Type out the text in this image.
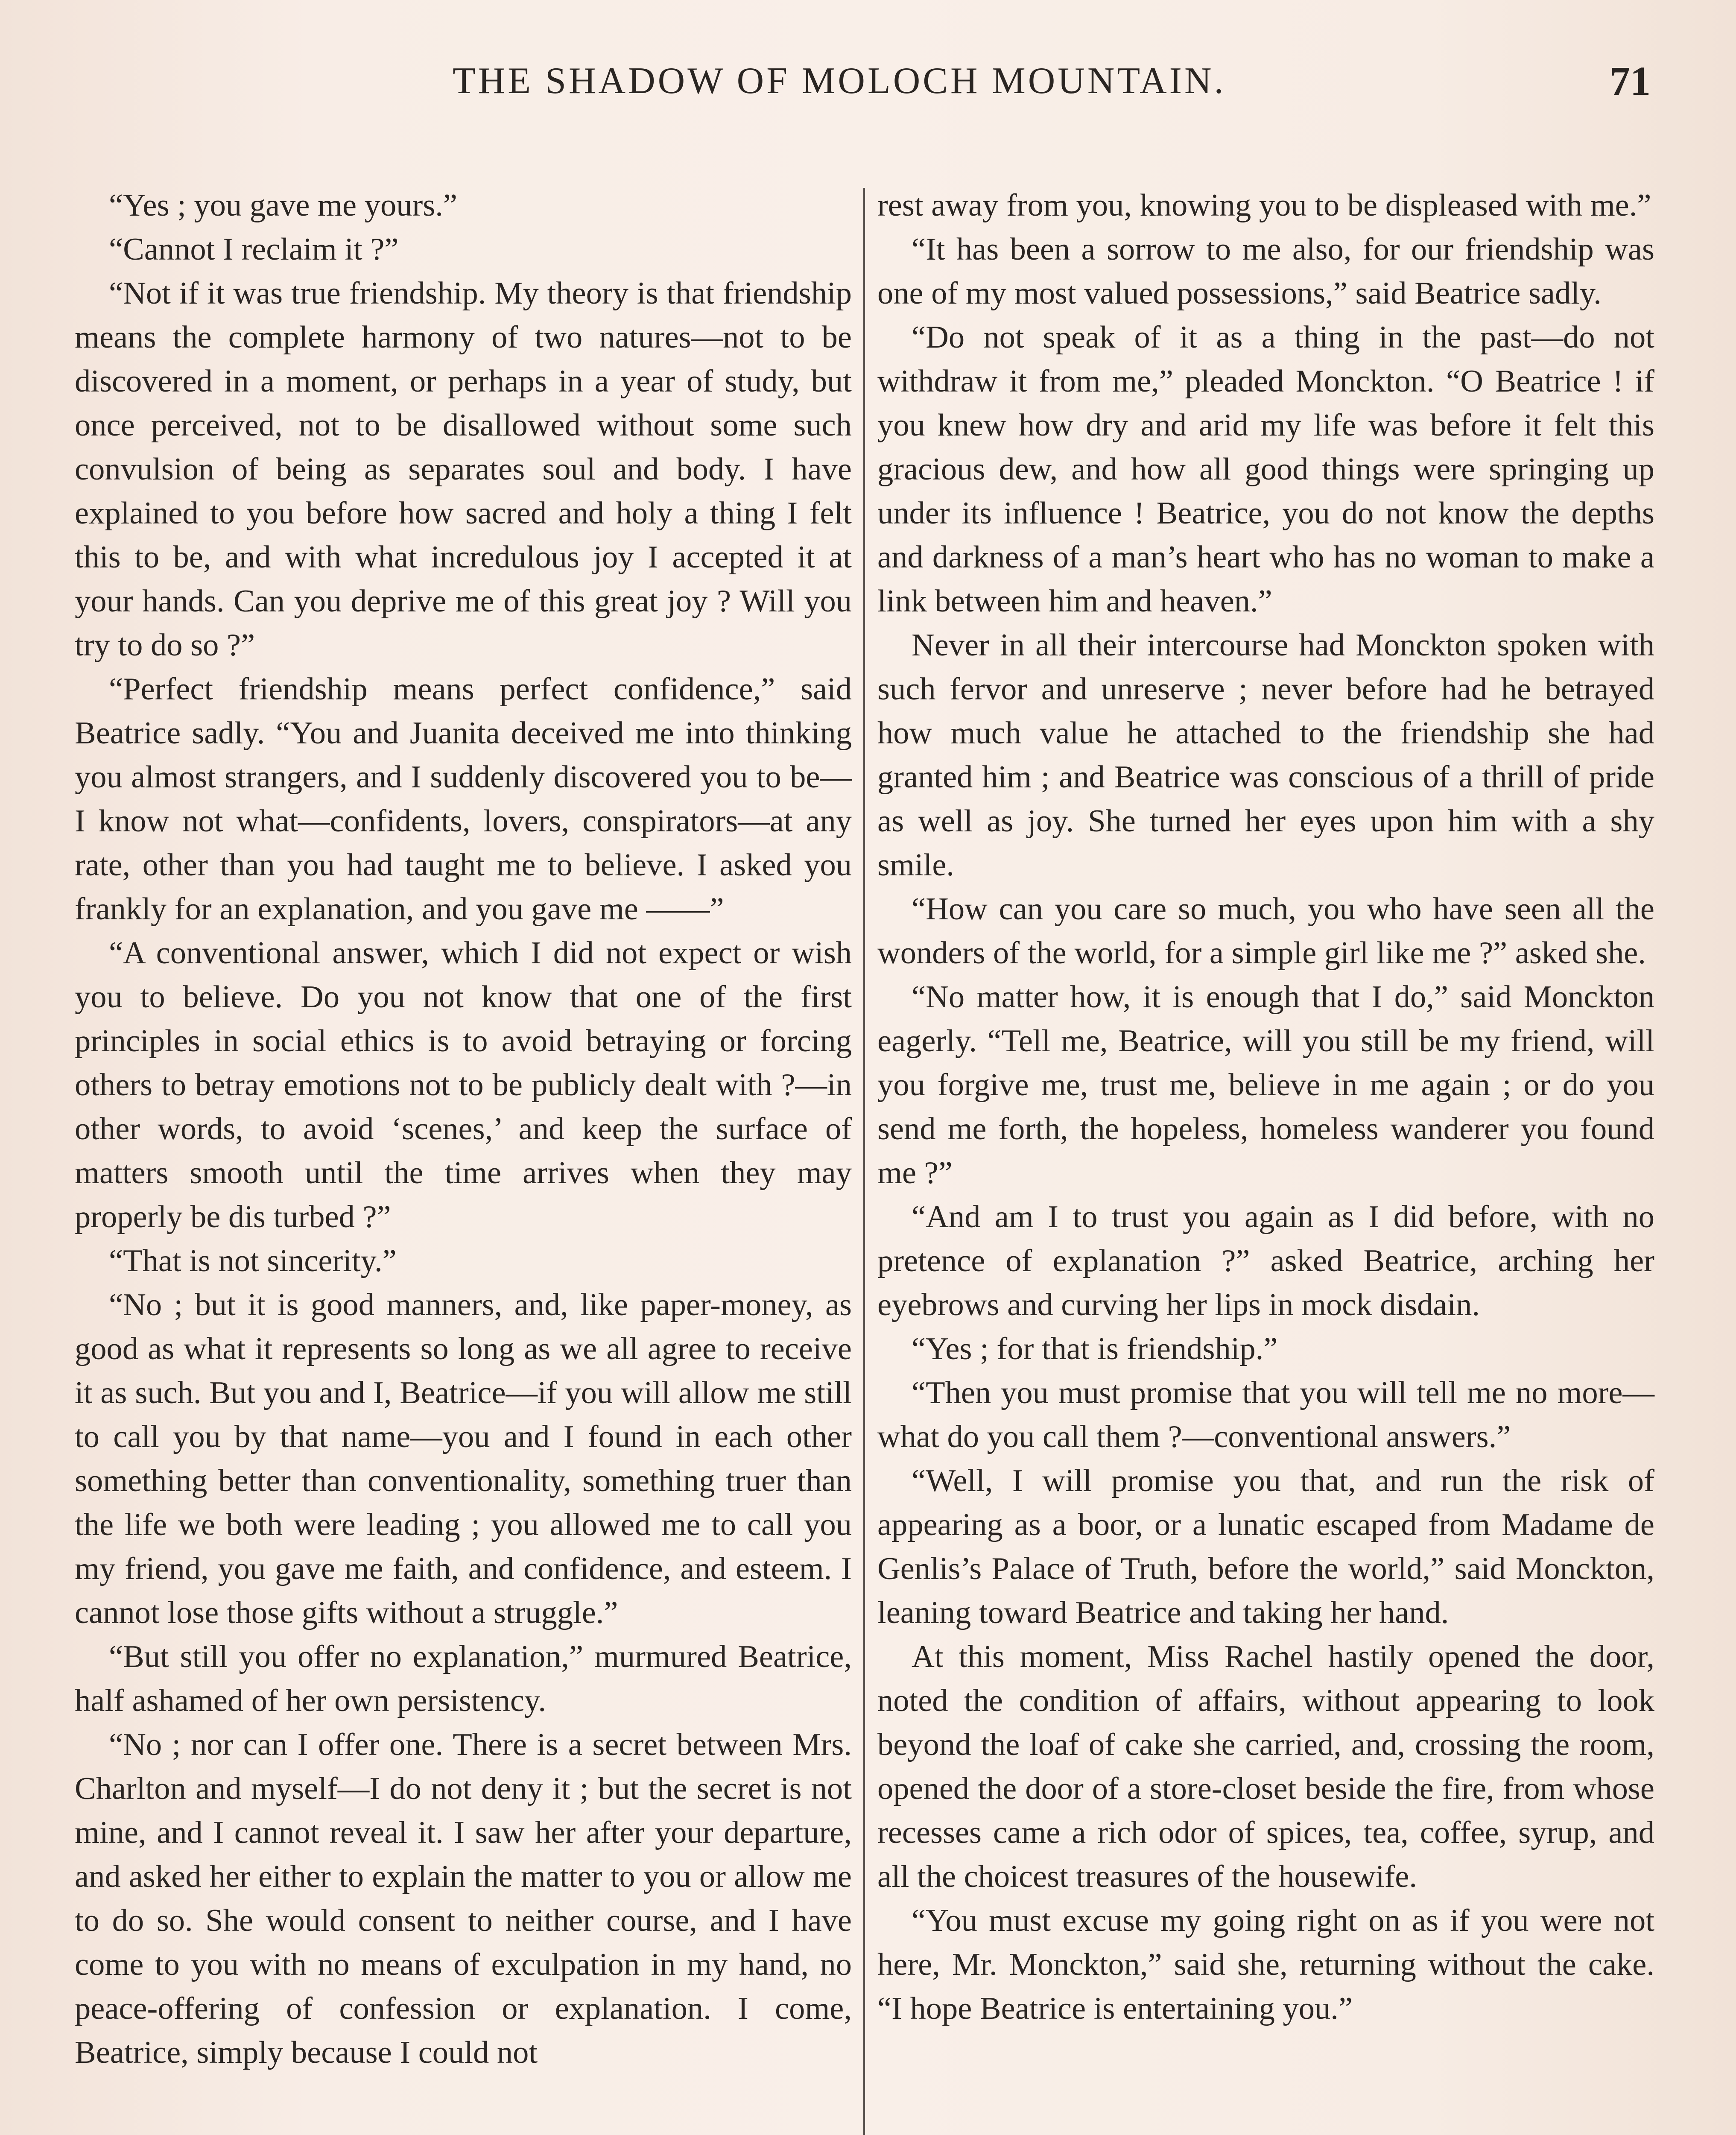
THE SHADOW OF MOLOCH MOUNTAIN.	71

“Yes ; you gave me yours.”

“Cannot I reclaim it ?”

“Not if it was true friendship. My theory is that friendship means the complete harmony of two natures—not to be discovered in a moment, or perhaps in a year of study, but once perceived, not to be disallowed without some such convulsion of being as separates soul and body. I have explained to you before how sacred and holy a thing I felt this to be, and with what incredulous joy I accepted it at your hands. Can you deprive me of this great joy ? Will you try to do so ?”

“Perfect friendship means perfect confidence,” said Beatrice sadly. “You and Juanita deceived me into thinking you almost strangers, and I suddenly discovered you to be—I know not what—confidents, lovers, conspirators—at any rate, other than you had taught me to believe. I asked you frankly for an explanation, and you gave me ——”

“A conventional answer, which I did not expect or wish you to believe. Do you not know that one of the first principles in social ethics is to avoid betraying or forcing others to betray emotions not to be publicly dealt with ?—in other words, to avoid ‘scenes,’ and keep the surface of matters smooth until the time arrives when they may properly be dis turbed ?”

“That is not sincerity.”

“No ; but it is good manners, and, like paper-money, as good as what it represents so long as we all agree to receive it as such. But you and I, Beatrice—if you will allow me still to call you by that name—you and I found in each other something better than conventionality, something truer than the life we both were leading ; you allowed me to call you my friend, you gave me faith, and confidence, and esteem. I cannot lose those gifts without a struggle.”

“But still you offer no explanation,” murmured Beatrice, half ashamed of her own persistency.

“No ; nor can I offer one. There is a secret between Mrs. Charlton and myself—I do not deny it ; but the secret is not mine, and I cannot reveal it. I saw her after your departure, and asked her either to explain the matter to you or allow me to do so. She would consent to neither course, and I have come to you with no means of exculpation in my hand, no peace-offering of confession or explanation. I come, Beatrice, simply because I could not

rest away from you, knowing you to be displeased with me.”

“It has been a sorrow to me also, for our friendship was one of my most valued possessions,” said Beatrice sadly.

“Do not speak of it as a thing in the past—do not withdraw it from me,” pleaded Monckton. “O Beatrice ! if you knew how dry and arid my life was before it felt this gracious dew, and how all good things were springing up under its influence ! Beatrice, you do not know the depths and darkness of a man’s heart who has no woman to make a link between him and heaven.”

Never in all their intercourse had Monckton spoken with such fervor and unreserve ; never before had he betrayed how much value he attached to the friendship she had granted him ; and Beatrice was conscious of a thrill of pride as well as joy. She turned her eyes upon him with a shy smile.

“How can you care so much, you who have seen all the wonders of the world, for a simple girl like me ?” asked she.

“No matter how, it is enough that I do,” said Monckton eagerly. “Tell me, Beatrice, will you still be my friend, will you forgive me, trust me, believe in me again ; or do you send me forth, the hopeless, homeless wanderer you found me ?”

“And am I to trust you again as I did before, with no pretence of explanation ?” asked Beatrice, arching her eyebrows and curving her lips in mock disdain.

“Yes ; for that is friendship.”

“Then you must promise that you will tell me no more—what do you call them ?—conventional answers.”

“Well, I will promise you that, and run the risk of appearing as a boor, or a lunatic escaped from Madame de Genlis’s Palace of Truth, before the world,” said Monckton, leaning toward Beatrice and taking her hand.

At this moment, Miss Rachel hastily opened the door, noted the condition of affairs, without appearing to look beyond the loaf of cake she carried, and, crossing the room, opened the door of a store-closet beside the fire, from whose recesses came a rich odor of spices, tea, coffee, syrup, and all the choicest treasures of the housewife.

“You must excuse my going right on as if you were not here, Mr. Monckton,” said she, returning without the cake. “I hope Beatrice is entertaining you.”
